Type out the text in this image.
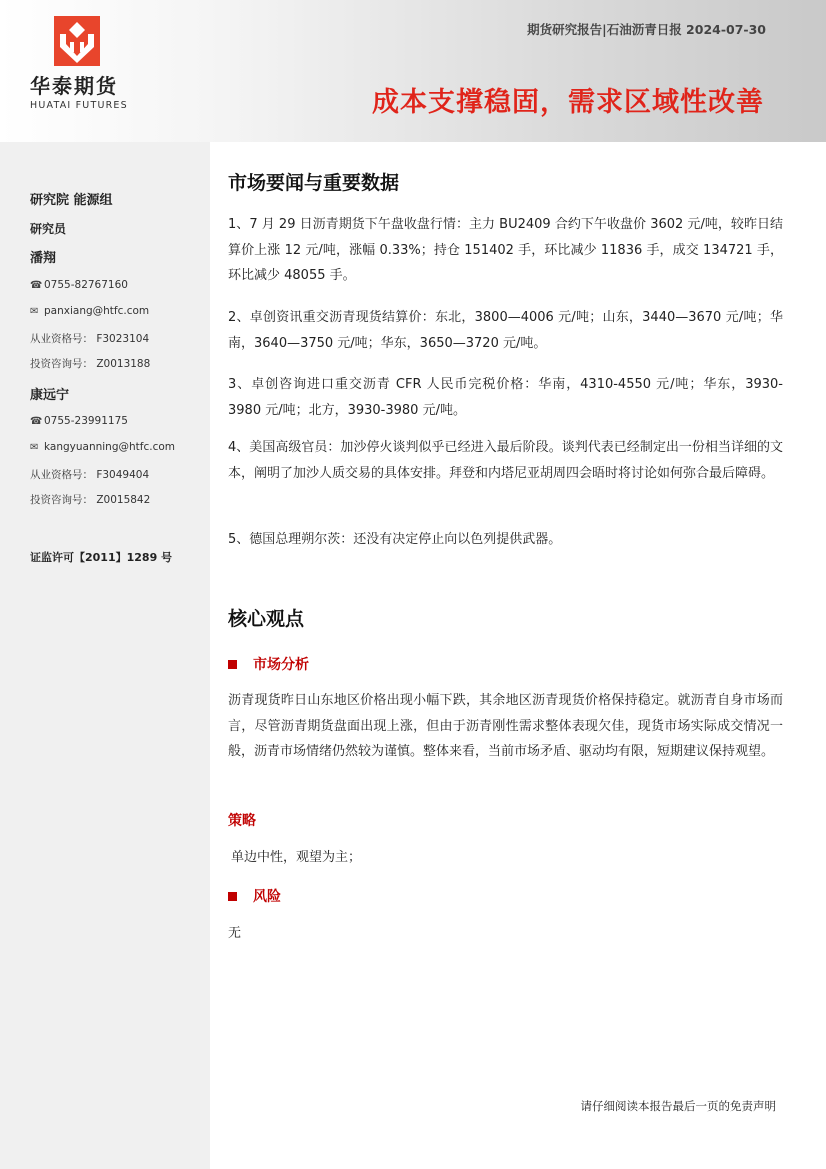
华泰期货
HUATAI FUTURES
期货研究报告|石油沥青日报 2024-07-30
成本支撑稳固，需求区域性改善
研究院 能源组
研究员
潘翔
☎ 0755-82767160
✉ panxiang@htfc.com
从业资格号： F3023104
投资咨询号： Z0013188
康远宁
☎ 0755-23991175
✉ kangyuanning@htfc.com
从业资格号： F3049404
投资咨询号： Z0015842
证监许可【2011】1289 号
市场要闻与重要数据
1、7 月 29 日沥青期货下午盘收盘行情：主力 BU2409 合约下午收盘价 3602 元/吨，较昨日结算价上涨 12 元/吨，涨幅 0.33%；持仓 151402 手，环比减少 11836 手，成交 134721 手，环比减少 48055 手。
2、卓创资讯重交沥青现货结算价：东北，3800—4006 元/吨；山东，3440—3670 元/吨；华南，3640—3750 元/吨；华东，3650—3720 元/吨。
3、卓创咨询进口重交沥青 CFR 人民币完税价格：华南，4310-4550 元/吨；华东，3930-3980 元/吨；北方，3930-3980 元/吨。
4、美国高级官员：加沙停火谈判似乎已经进入最后阶段。谈判代表已经制定出一份相当详细的文本，阐明了加沙人质交易的具体安排。拜登和内塔尼亚胡周四会晤时将讨论如何弥合最后障碍。
5、德国总理朔尔茨：还没有决定停止向以色列提供武器。
核心观点
市场分析
沥青现货昨日山东地区价格出现小幅下跌，其余地区沥青现货价格保持稳定。就沥青自身市场而言，尽管沥青期货盘面出现上涨，但由于沥青刚性需求整体表现欠佳，现货市场实际成交情况一般，沥青市场情绪仍然较为谨慎。整体来看，当前市场矛盾、驱动均有限，短期建议保持观望。
策略
单边中性，观望为主；
风险
无
请仔细阅读本报告最后一页的免责声明
